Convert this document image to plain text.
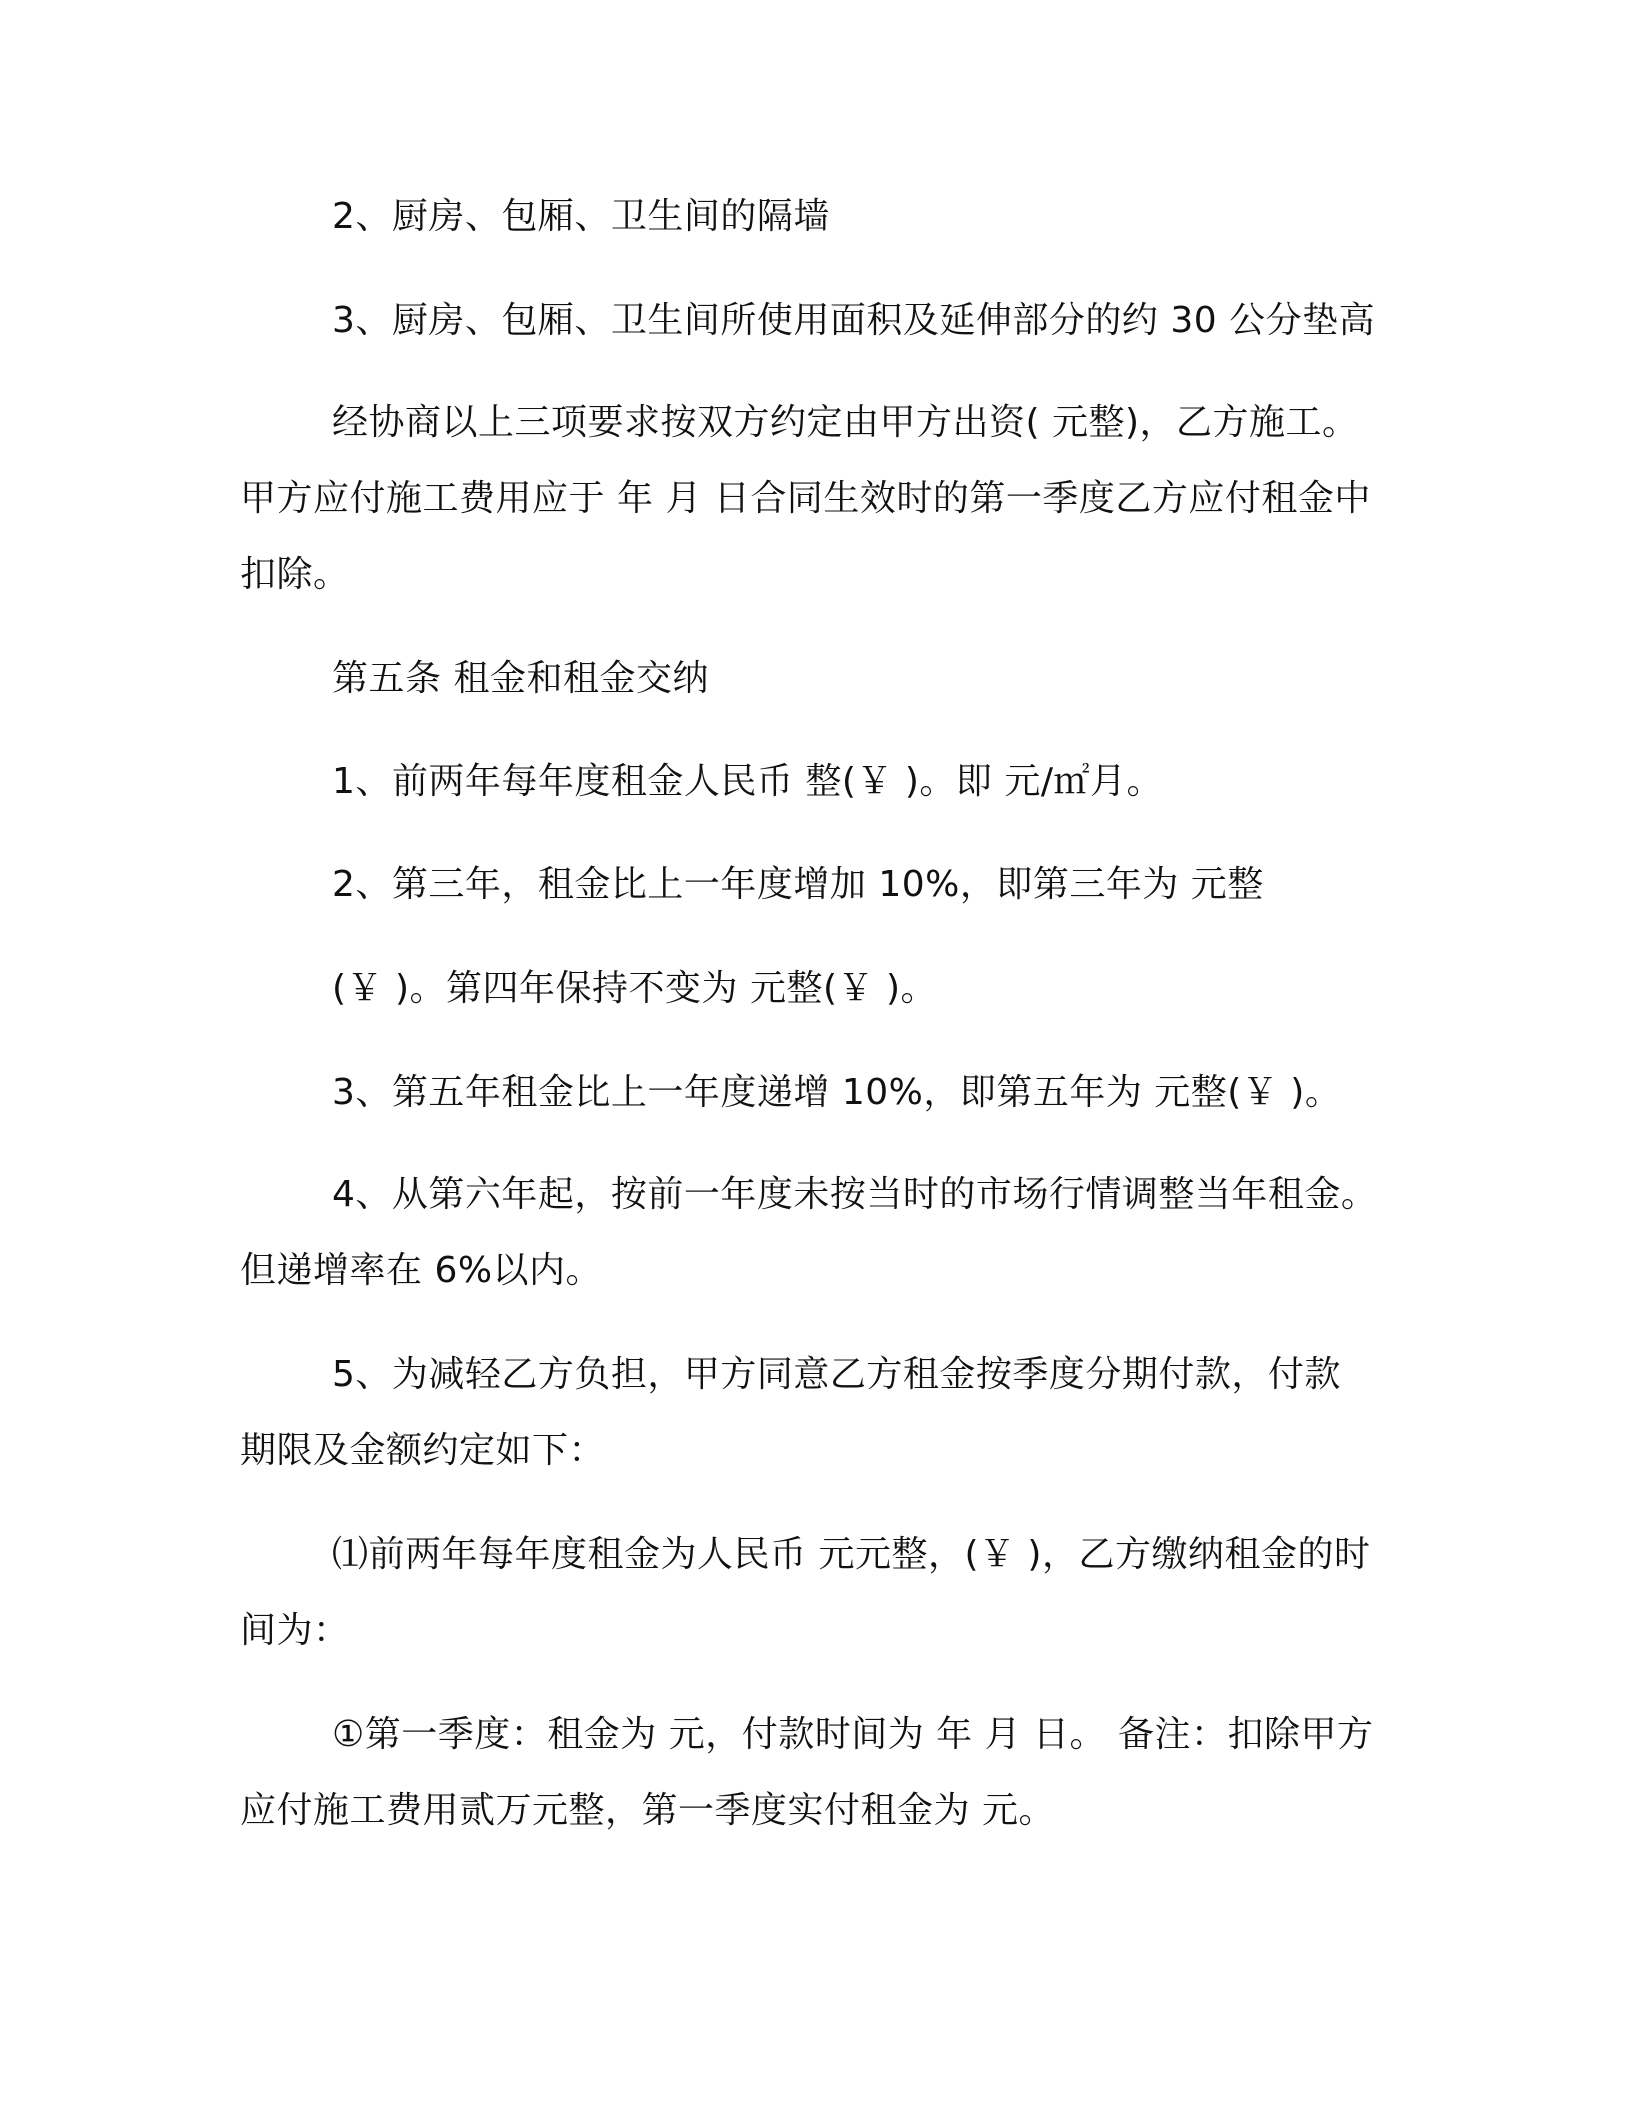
2、厨房、包厢、卫生间的隔墙
3、厨房、包厢、卫生间所使用面积及延伸部分的约 30 公分垫高
经协商以上三项要求按双方约定由甲方出资( 元整)，乙方施工。
甲方应付施工费用应于 年 月 日合同生效时的第一季度乙方应付租金中
扣除。
第五条 租金和租金交纳
1、前两年每年度租金人民币 整(￥ )。即 元/㎡月。
2、第三年，租金比上一年度增加 10%，即第三年为 元整
(￥ )。第四年保持不变为 元整(￥ )。
3、第五年租金比上一年度递增 10%，即第五年为 元整(￥ )。
4、从第六年起，按前一年度未按当时的市场行情调整当年租金。
但递增率在 6%以内。
5、为减轻乙方负担，甲方同意乙方租金按季度分期付款，付款
期限及金额约定如下：
⑴前两年每年度租金为人民币 元元整，(￥ )，乙方缴纳租金的时
间为：
①第一季度：租金为 元，付款时间为 年 月 日。 备注：扣除甲方
应付施工费用贰万元整，第一季度实付租金为 元。
